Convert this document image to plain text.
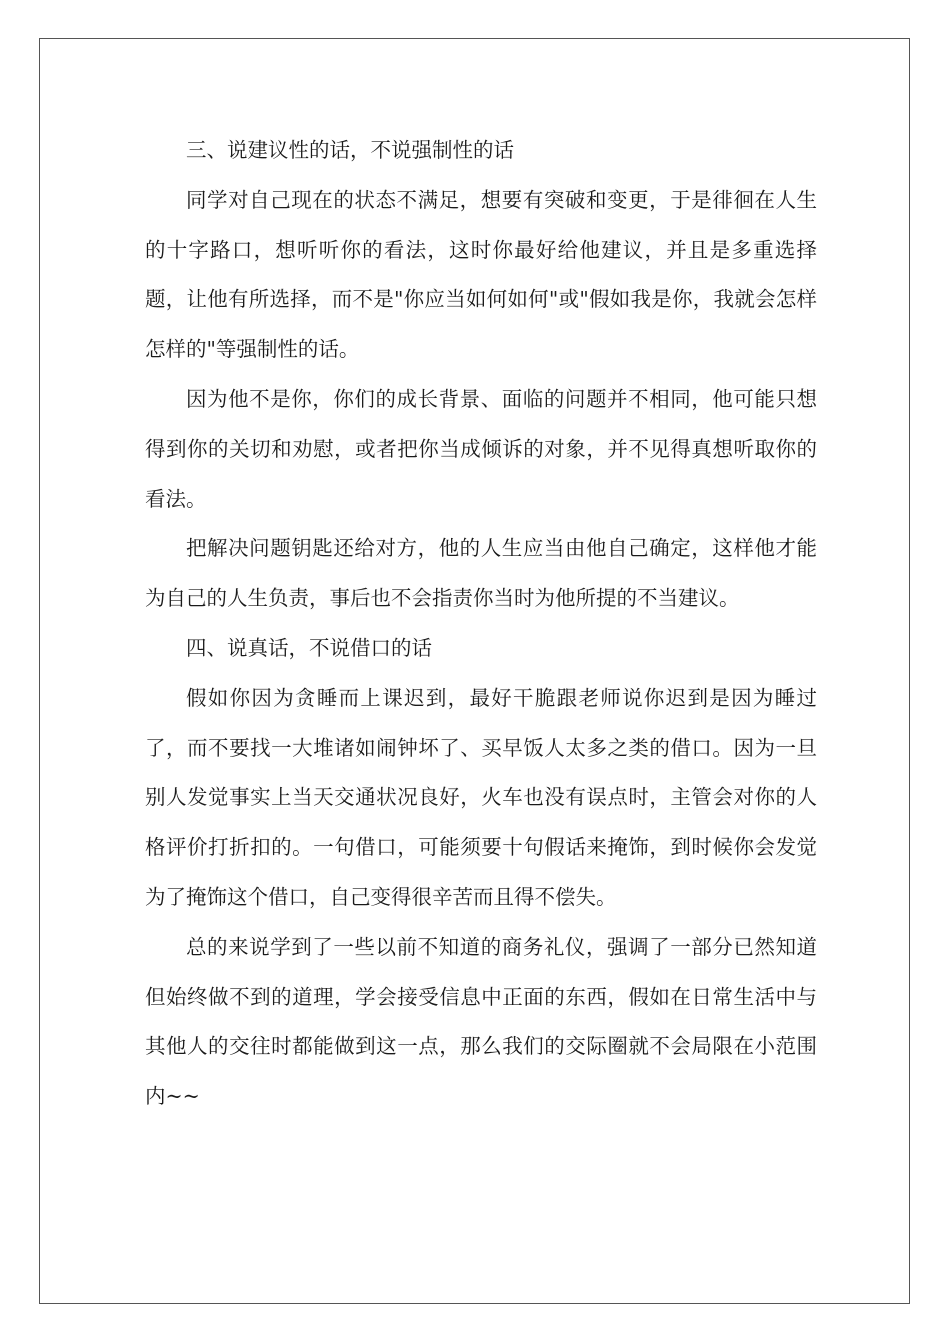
三、说建议性的话，不说强制性的话

同学对自己现在的状态不满足，想要有突破和变更，于是徘徊在人生的十字路口，想听听你的看法，这时你最好给他建议，并且是多重选择题，让他有所选择，而不是"你应当如何如何"或"假如我是你，我就会怎样怎样的"等强制性的话。

因为他不是你，你们的成长背景、面临的问题并不相同，他可能只想得到你的关切和劝慰，或者把你当成倾诉的对象，并不见得真想听取你的看法。

把解决问题钥匙还给对方，他的人生应当由他自己确定，这样他才能为自己的人生负责，事后也不会指责你当时为他所提的不当建议。

四、说真话，不说借口的话

假如你因为贪睡而上课迟到，最好干脆跟老师说你迟到是因为睡过了，而不要找一大堆诸如闹钟坏了、买早饭人太多之类的借口。因为一旦别人发觉事实上当天交通状况良好，火车也没有误点时，主管会对你的人格评价打折扣的。一句借口，可能须要十句假话来掩饰，到时候你会发觉为了掩饰这个借口，自己变得很辛苦而且得不偿失。

总的来说学到了一些以前不知道的商务礼仪，强调了一部分已然知道但始终做不到的道理，学会接受信息中正面的东西，假如在日常生活中与其他人的交往时都能做到这一点，那么我们的交际圈就不会局限在小范围内~~
